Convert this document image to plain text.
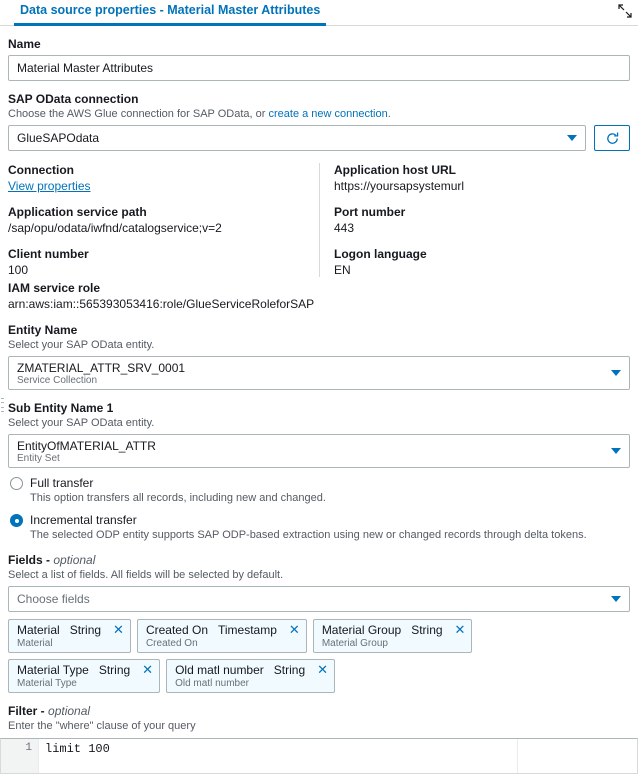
Data source properties - Material Master Attributes
Name
Material Master Attributes
SAP OData connection
Choose the AWS Glue connection for SAP OData, or create a new connection.
GlueSAPOdata
Connection
View properties
Application service path
/sap/opu/odata/iwfnd/catalogservice;v=2
Client number
100
Application host URL
https://yoursapsystemurl
Port number
443
Logon language
EN
IAM service role
arn:aws:iam::565393053416:role/GlueServiceRoleforSAP
Entity Name
Select your SAP OData entity.
ZMATERIAL_ATTR_SRV_0001
Service Collection
Sub Entity Name 1
Select your SAP OData entity.
EntityOfMATERIAL_ATTR
Entity Set
Full transfer
This option transfers all records, including new and changed.
Incremental transfer
The selected ODP entity supports SAP ODP-based extraction using new or changed records through delta tokens.
Fields - optional
Select a list of fields. All fields will be selected by default.
Choose fields
Material String ✕
Material
Created On Timestamp ✕
Created On
Material Group String ✕
Material Group
Material Type String ✕
Material Type
Old matl number String ✕
Old matl number
Filter - optional
Enter the "where" clause of your query
1	limit 100
